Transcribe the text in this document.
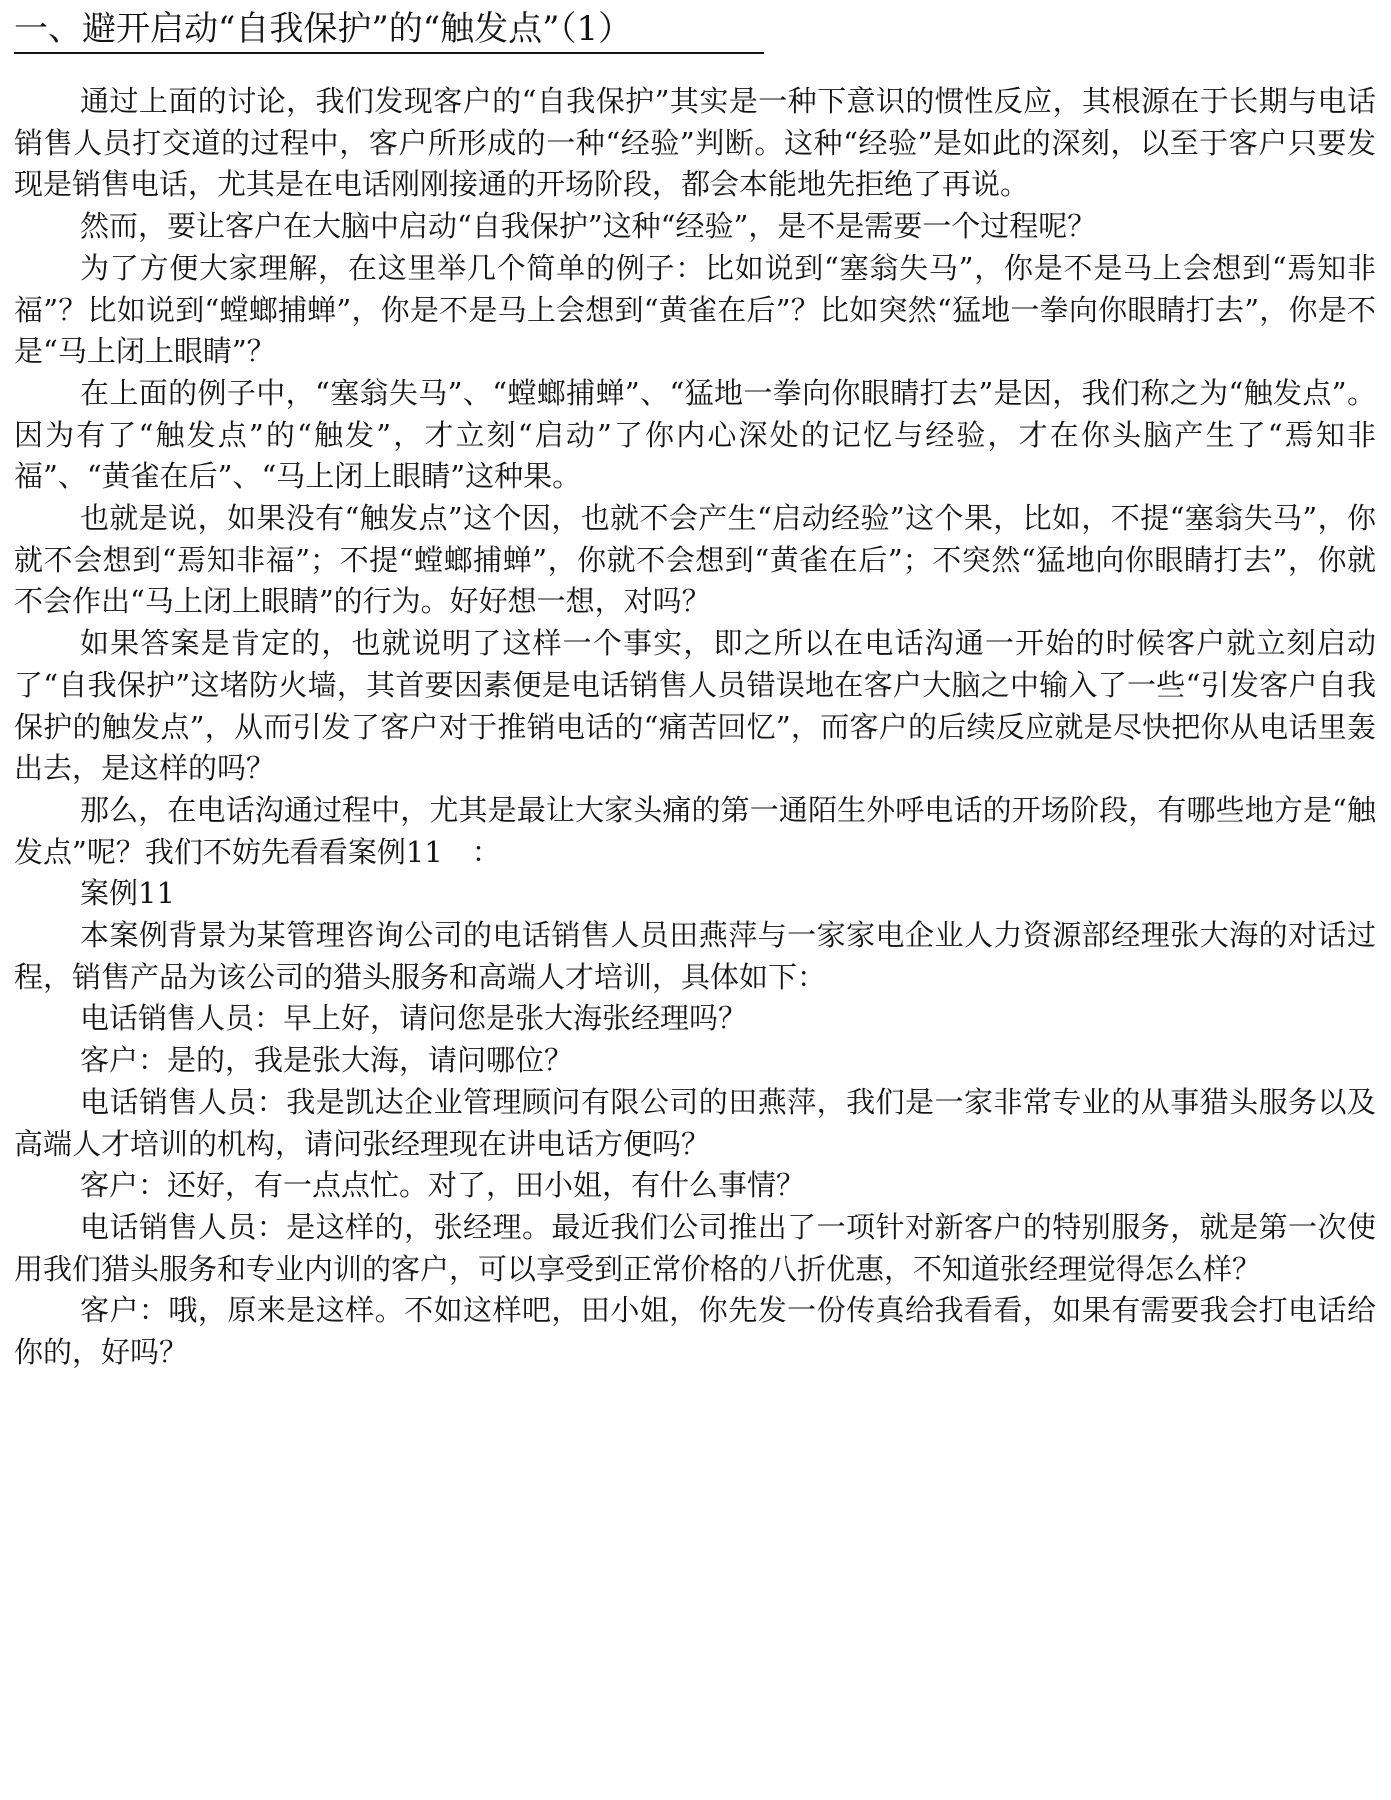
一、避开启动“自我保护”的“触发点”（1）

通过上面的讨论，我们发现客户的“自我保护”其实是一种下意识的惯性反应，其根源在于长期与电话销售人员打交道的过程中，客户所形成的一种“经验”判断。这种“经验”是如此的深刻，以至于客户只要发现是销售电话，尤其是在电话刚刚接通的开场阶段，都会本能地先拒绝了再说。

然而，要让客户在大脑中启动“自我保护”这种“经验”，是不是需要一个过程呢？

为了方便大家理解，在这里举几个简单的例子：比如说到“塞翁失马”，你是不是马上会想到“焉知非福”？比如说到“螳螂捕蝉”，你是不是马上会想到“黄雀在后”？比如突然“猛地一拳向你眼睛打去”，你是不是“马上闭上眼睛”？

在上面的例子中，“塞翁失马”、“螳螂捕蝉”、“猛地一拳向你眼睛打去”是因，我们称之为“触发点”。因为有了“触发点”的“触发”，才立刻“启动”了你内心深处的记忆与经验，才在你头脑产生了“焉知非福”、“黄雀在后”、“马上闭上眼睛”这种果。

也就是说，如果没有“触发点”这个因，也就不会产生“启动经验”这个果，比如，不提“塞翁失马”，你就不会想到“焉知非福”；不提“螳螂捕蝉”，你就不会想到“黄雀在后”；不突然“猛地向你眼睛打去”，你就不会作出“马上闭上眼睛”的行为。好好想一想，对吗？

如果答案是肯定的，也就说明了这样一个事实，即之所以在电话沟通一开始的时候客户就立刻启动了“自我保护”这堵防火墙，其首要因素便是电话销售人员错误地在客户大脑之中输入了一些“引发客户自我保护的触发点”，从而引发了客户对于推销电话的“痛苦回忆”，而客户的后续反应就是尽快把你从电话里轰出去，是这样的吗？

那么，在电话沟通过程中，尤其是最让大家头痛的第一通陌生外呼电话的开场阶段，有哪些地方是“触发点”呢？我们不妨先看看案例11　：

案例11

本案例背景为某管理咨询公司的电话销售人员田燕萍与一家家电企业人力资源部经理张大海的对话过程，销售产品为该公司的猎头服务和高端人才培训，具体如下：

电话销售人员：早上好，请问您是张大海张经理吗？

客户：是的，我是张大海，请问哪位？

电话销售人员：我是凯达企业管理顾问有限公司的田燕萍，我们是一家非常专业的从事猎头服务以及高端人才培训的机构，请问张经理现在讲电话方便吗？

客户：还好，有一点点忙。对了，田小姐，有什么事情？

电话销售人员：是这样的，张经理。最近我们公司推出了一项针对新客户的特别服务，就是第一次使用我们猎头服务和专业内训的客户，可以享受到正常价格的八折优惠，不知道张经理觉得怎么样？

客户：哦，原来是这样。不如这样吧，田小姐，你先发一份传真给我看看，如果有需要我会打电话给你的，好吗？
